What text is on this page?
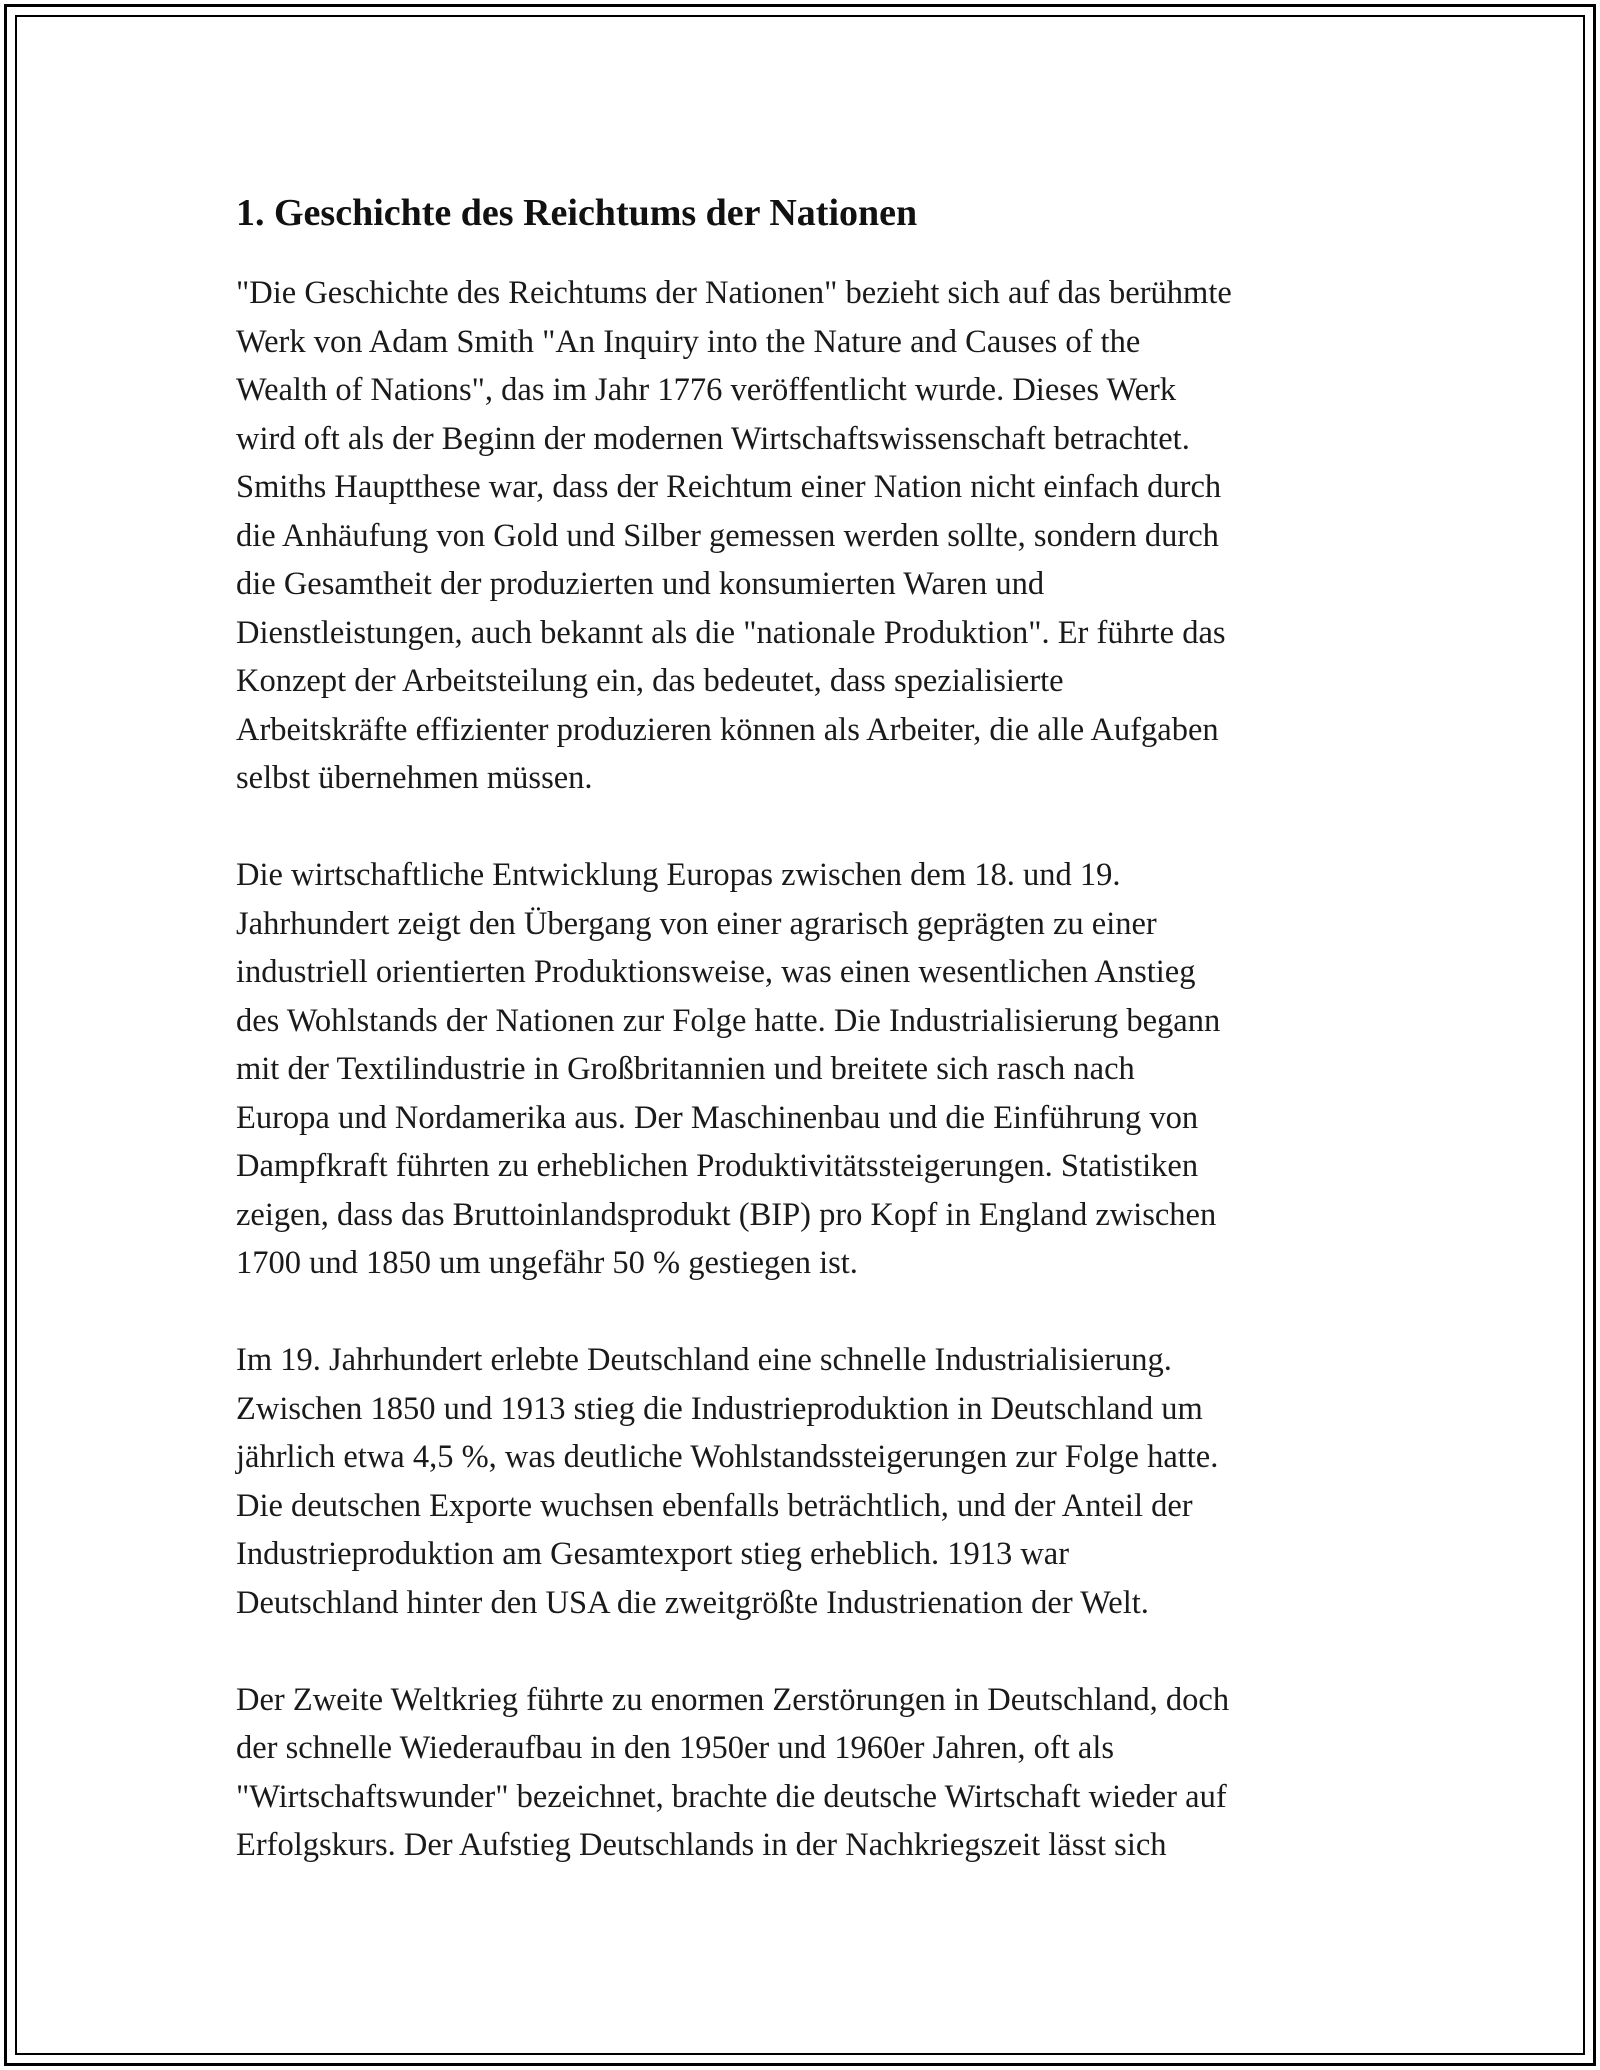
1. Geschichte des Reichtums der Nationen

"Die Geschichte des Reichtums der Nationen" bezieht sich auf das berühmte
Werk von Adam Smith "An Inquiry into the Nature and Causes of the
Wealth of Nations", das im Jahr 1776 veröffentlicht wurde. Dieses Werk
wird oft als der Beginn der modernen Wirtschaftswissenschaft betrachtet.
Smiths Hauptthese war, dass der Reichtum einer Nation nicht einfach durch
die Anhäufung von Gold und Silber gemessen werden sollte, sondern durch
die Gesamtheit der produzierten und konsumierten Waren und
Dienstleistungen, auch bekannt als die "nationale Produktion". Er führte das
Konzept der Arbeitsteilung ein, das bedeutet, dass spezialisierte
Arbeitskräfte effizienter produzieren können als Arbeiter, die alle Aufgaben
selbst übernehmen müssen.

Die wirtschaftliche Entwicklung Europas zwischen dem 18. und 19.
Jahrhundert zeigt den Übergang von einer agrarisch geprägten zu einer
industriell orientierten Produktionsweise, was einen wesentlichen Anstieg
des Wohlstands der Nationen zur Folge hatte. Die Industrialisierung begann
mit der Textilindustrie in Großbritannien und breitete sich rasch nach
Europa und Nordamerika aus. Der Maschinenbau und die Einführung von
Dampfkraft führten zu erheblichen Produktivitätssteigerungen. Statistiken
zeigen, dass das Bruttoinlandsprodukt (BIP) pro Kopf in England zwischen
1700 und 1850 um ungefähr 50 % gestiegen ist.

Im 19. Jahrhundert erlebte Deutschland eine schnelle Industrialisierung.
Zwischen 1850 und 1913 stieg die Industrieproduktion in Deutschland um
jährlich etwa 4,5 %, was deutliche Wohlstandssteigerungen zur Folge hatte.
Die deutschen Exporte wuchsen ebenfalls beträchtlich, und der Anteil der
Industrieproduktion am Gesamtexport stieg erheblich. 1913 war
Deutschland hinter den USA die zweitgrößte Industrienation der Welt.

Der Zweite Weltkrieg führte zu enormen Zerstörungen in Deutschland, doch
der schnelle Wiederaufbau in den 1950er und 1960er Jahren, oft als
"Wirtschaftswunder" bezeichnet, brachte die deutsche Wirtschaft wieder auf
Erfolgskurs. Der Aufstieg Deutschlands in der Nachkriegszeit lässt sich
